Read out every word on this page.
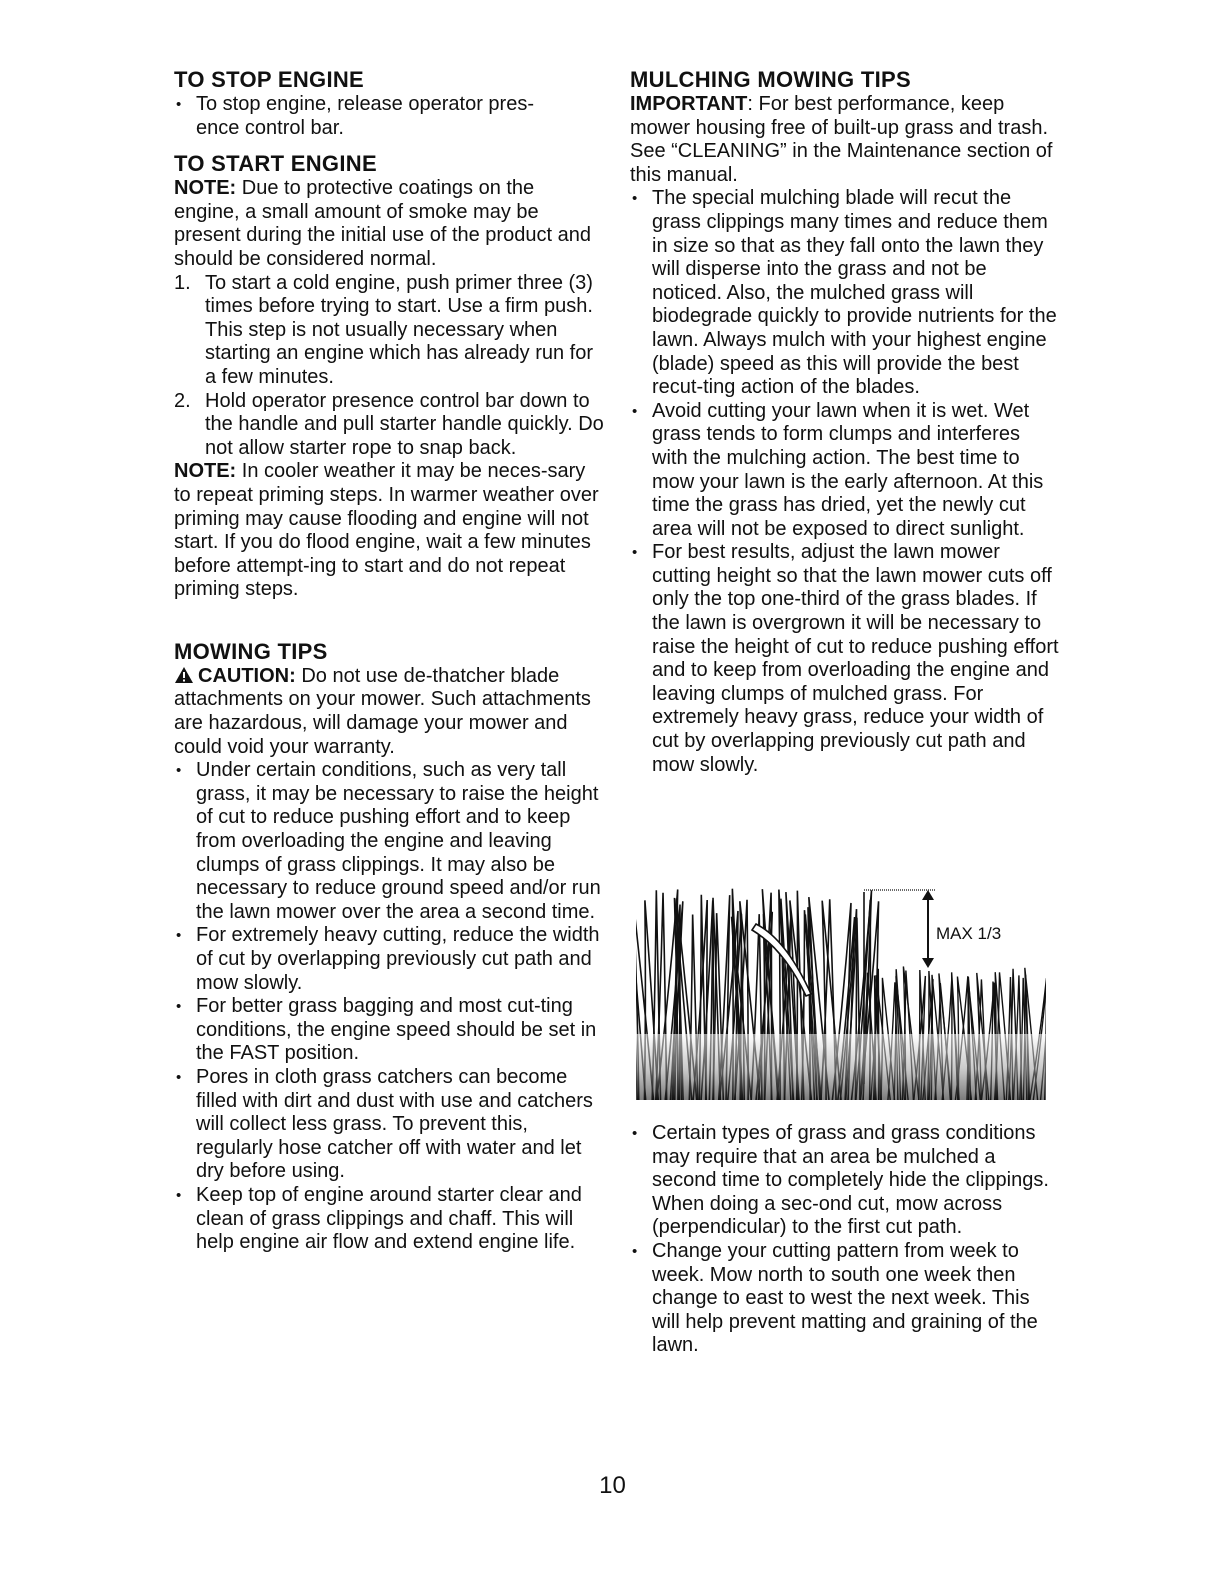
TO STOP ENGINE
• To stop engine, release operator pres-
ence control bar.
TO START ENGINE

NOTE: Due to protective coatings on the engine, a small amount of smoke may be present during the initial use of the product and should be considered normal.

1. To start a cold engine, push primer three (3) times before trying to start. Use a firm push. This step is not usually necessary when starting an engine which has already run for a few minutes.
2. Hold operator presence control bar down to the handle and pull starter handle quickly. Do not allow starter rope to snap back.

NOTE: In cooler weather it may be neces-sary to repeat priming steps. In warmer weather over priming may cause flooding and engine will not start. If you do flood engine, wait a few minutes before attempt-ing to start and do not repeat priming steps.

MOWING TIPS

CAUTION: Do not use de-thatcher blade attachments on your mower. Such attachments are hazardous, will damage your mower and could void your warranty.

• Under certain conditions, such as very tall grass, it may be necessary to raise the height of cut to reduce pushing effort and to keep from overloading the engine and leaving clumps of grass clippings. It may also be necessary to reduce ground speed and/or run the lawn mower over the area a second time.
• For extremely heavy cutting, reduce the width of cut by overlapping previously cut path and mow slowly.
• For better grass bagging and most cut-ting conditions, the engine speed should be set in the FAST position.
• Pores in cloth grass catchers can become filled with dirt and dust with use and catchers will collect less grass. To prevent this, regularly hose catcher off with water and let dry before using.
• Keep top of engine around starter clear and clean of grass clippings and chaff. This will help engine air flow and extend engine life.
MULCHING MOWING TIPS

IMPORTANT: For best performance, keep mower housing free of built-up grass and trash. See “CLEANING” in the Maintenance section of this manual.

• The special mulching blade will recut the grass clippings many times and reduce them in size so that as they fall onto the lawn they will disperse into the grass and not be noticed. Also, the mulched grass will biodegrade quickly to provide nutrients for the lawn. Always mulch with your highest engine (blade) speed as this will provide the best recut-ting action of the blades.
• Avoid cutting your lawn when it is wet. Wet grass tends to form clumps and interferes with the mulching action. The best time to mow your lawn is the early afternoon. At this time the grass has dried, yet the newly cut area will not be exposed to direct sunlight.
• For best results, adjust the lawn mower cutting height so that the lawn mower cuts off only the top one-third of the grass blades. If the lawn is overgrown it will be necessary to raise the height of cut to reduce pushing effort and to keep from overloading the engine and leaving clumps of mulched grass. For extremely heavy grass, reduce your width of cut by overlapping previously cut path and mow slowly.
• Certain types of grass and grass conditions may require that an area be mulched a second time to completely hide the clippings. When doing a sec-ond cut, mow across (perpendicular) to the first cut path.
• Change your cutting pattern from week to week. Mow north to south one week then change to east to west the next week. This will help prevent matting and graining of the lawn.
MAX 1/3
10
